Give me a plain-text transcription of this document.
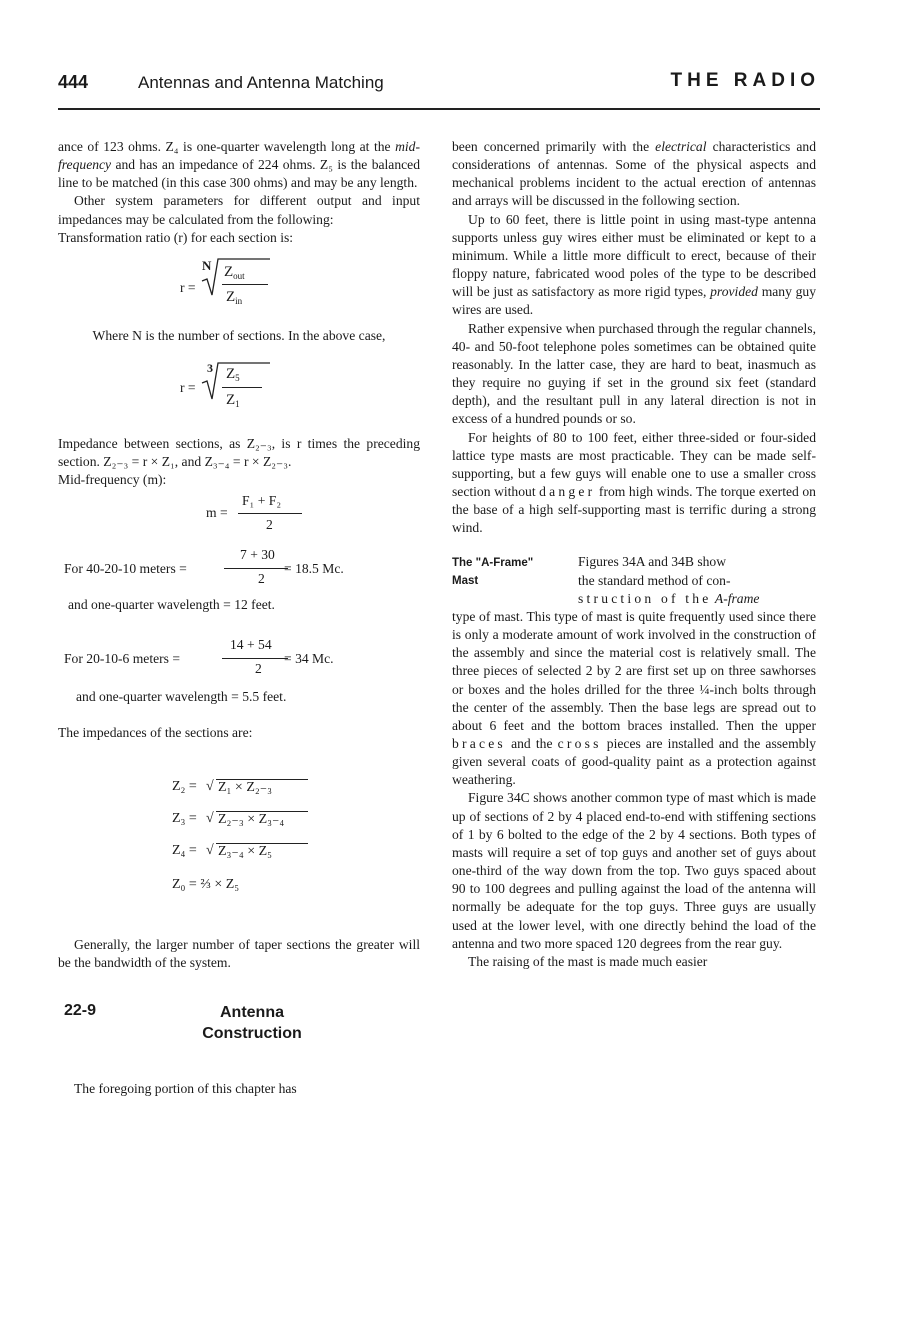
444	Antennas and Antenna Matching	THE RADIO

ance of 123 ohms. Z₄ is one-quarter wavelength long at the mid-frequency and has an impedance of 224 ohms. Z₅ is the balanced line to be matched (in this case 300 ohms) and may be any length.

Other system parameters for different output and input impedances may be calculated from the following:

Transformation ratio (r) for each section is:

r =
N $Z_{out}$
$Z_{in}$

Where N is the number of sections. In the above case,

r =
3 $Z_5$
$Z_1$

Impedance between sections, as Z₂₋₃, is r times the preceding section. Z₂₋₃ = r × Z₁, and Z₃₋₄ = r × Z₂₋₃.

Mid-frequency (m):

m =
F₁ + F₂
2
For 40-20-10 meters =
7 + 30
2
= 18.5 Mc.

and one-quarter wavelength = 12 feet.

For 20-10-6 meters =
14 + 54
2
= 34 Mc.

and one-quarter wavelength = 5.5 feet.

The impedances of the sections are:

Z₂ = √ Z₁ × Z₂₋₃
Z₃ = √ Z₂₋₃ × Z₃₋₄
Z₄ = √ Z₃₋₄ × Z₅
Z₀ = ⅔ × Z₅

Generally, the larger number of taper sections the greater will be the bandwidth of the system.

22-9	Antenna
Construction

The foregoing portion of this chapter has

been concerned primarily with the electrical characteristics and considerations of antennas. Some of the physical aspects and mechanical problems incident to the actual erection of antennas and arrays will be discussed in the following section.

Up to 60 feet, there is little point in using mast-type antenna supports unless guy wires either must be eliminated or kept to a minimum. While a little more difficult to erect, because of their floppy nature, fabricated wood poles of the type to be described will be just as satisfactory as more rigid types, provided many guy wires are used.

Rather expensive when purchased through the regular channels, 40- and 50-foot telephone poles sometimes can be obtained quite reasonably. In the latter case, they are hard to beat, inasmuch as they require no guying if set in the ground six feet (standard depth), and the resultant pull in any lateral direction is not in excess of a hundred pounds or so.

For heights of 80 to 100 feet, either three-sided or four-sided lattice type masts are most practicable. They can be made self-supporting, but a few guys will enable one to use a smaller cross section without danger from high winds. The torque exerted on the base of a high self-supporting mast is terrific during a strong wind.

The "A-Frame"
Mast

Figures 34A and 34B show

the standard method of con-

struction of the A-frame

type of mast. This type of mast is quite frequently used since there is only a moderate amount of work involved in the construction of the assembly and since the material cost is relatively small. The three pieces of selected 2 by 2 are first set up on three sawhorses or boxes and the holes drilled for the three ¼-inch bolts through the center of the assembly. Then the base legs are spread out to about 6 feet and the bottom braces installed. Then the upper braces and the cross pieces are installed and the assembly given several coats of good-quality paint as a protection against weathering.

Figure 34C shows another common type of mast which is made up of sections of 2 by 4 placed end-to-end with stiffening sections of 1 by 6 bolted to the edge of the 2 by 4 sections. Both types of masts will require a set of top guys and another set of guys about one-third of the way down from the top. Two guys spaced about 90 to 100 degrees and pulling against the load of the antenna will normally be adequate for the top guys. Three guys are usually used at the lower level, with one directly behind the load of the antenna and two more spaced 120 degrees from the rear guy.

The raising of the mast is made much easier
